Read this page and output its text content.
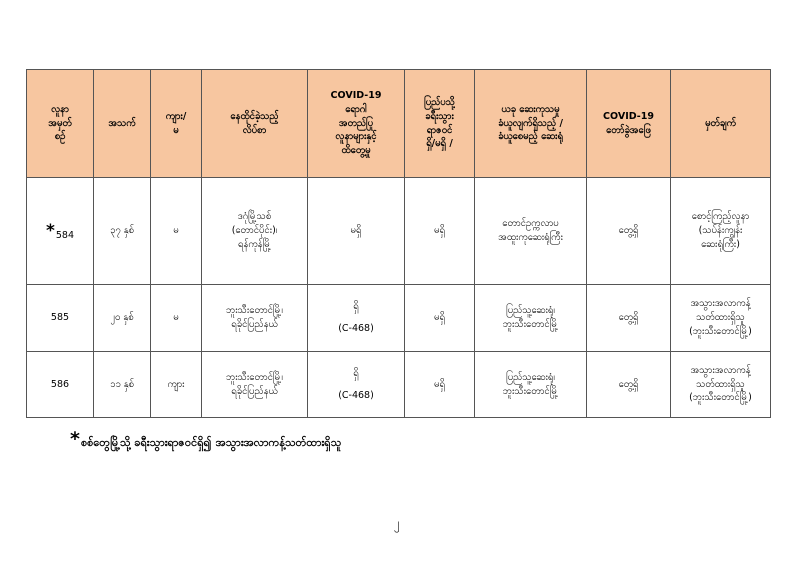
လူနာ
အမှတ်
စဉ်	အသက်	ကျား/
မ	နေထိုင်ခဲ့သည့်
လိပ်စာ	COVID-19
ရောဂါ
အတည်ပြု
လူနာများနှင့်
ထိတွေ့မှု	ပြည်ပသို့
ခရီးသွား
ရာဇဝင်
ရှိ/မရှိ /	ယခု ဆေးကုသမှု
ခံယူလျက်ရှိသည့် /
ခံယူစေမည့် ဆေးရုံ	COVID-19
တော်ခွဲအဖြေ	မှတ်ချက်
*584	၃၇ နှစ်	မ	ဒဂုံမြို့သစ်
(တောင်ပိုင်း)၊
ရန်ကုန်မြို့	မရှိ	မရှိ	တောင်ဥက္ကလာပ
အထူးကုဆေးရုံကြီး	တွေ့ရှိ	စောင့်ကြည့်လူနာ
(သပ်န်းကျွန်း
ဆေးရုံကြီး)
585	၂၀ နှစ်	မ	ဘူးသီးတောင်မြို့၊
ရခိုင်ပြည်နယ်	ရှိ
(C-468)	မရှိ	ပြည်သူ့ဆေးရုံ၊
ဘူးသီးတောင်မြို့	တွေ့ရှိ	အသွားအလာကန့်
သတ်ထားရှိသူ
(ဘူးသီးတောင်မြို့)
586	၁၁ နှစ်	ကျား	ဘူးသီးတောင်မြို့၊
ရခိုင်ပြည်နယ်	ရှိ
(C-468)	မရှိ	ပြည်သူ့ဆေးရုံ၊
ဘူးသီးတောင်မြို့	တွေ့ရှိ	အသွားအလာကန့်
သတ်ထားရှိသူ
(ဘူးသီးတောင်မြို့)
*စစ်တွေမြို့သို့ ခရီးသွားရာဇဝင်ရှိ၍ အသွားအလာကန့်သတ်ထားရှိသူ
၂
